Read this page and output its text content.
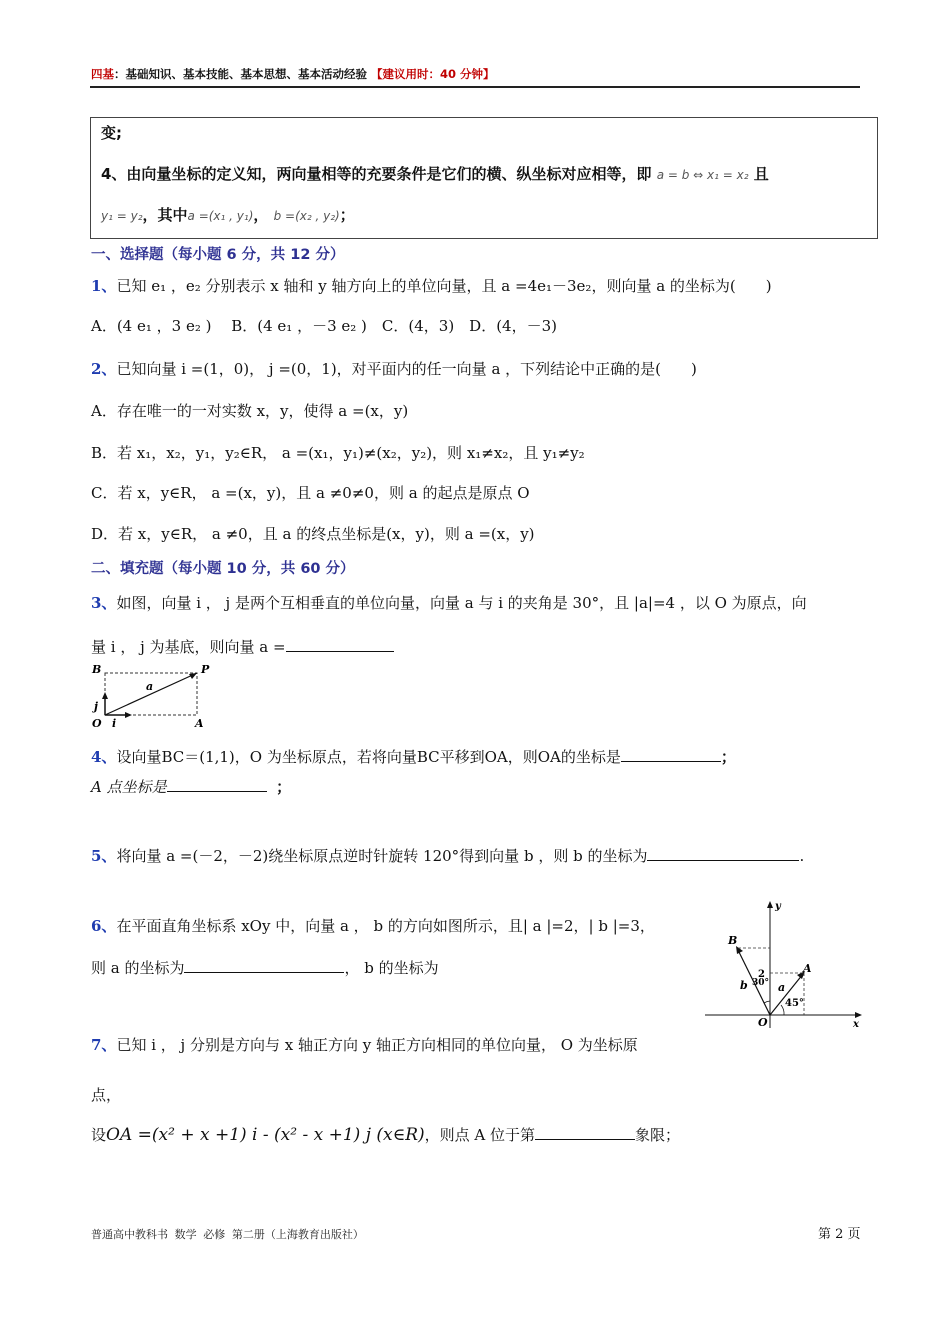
四基：基础知识、基本技能、基本思想、基本活动经验 【建议用时：40 分钟】
变;
4、由向量坐标的定义知，两向量相等的充要条件是它们的横、纵坐标对应相等，即 a = b ⇔ x₁ = x₂ 且
y₁ = y₂，其中a =(x₁ , y₁)， b =(x₂ , y₂)；
一、选择题（每小题 6 分，共 12 分）
1、已知 e₁ ，e₂ 分别表示 x 轴和 y 轴方向上的单位向量，且 a =4e₁－3e₂，则向量 a 的坐标为(　　)
A．(4 e₁ ，3 e₂ )　 B．(4 e₁ ，－3 e₂ )　C．(4，3)　D．(4，－3)
2、已知向量 i =(1，0)， j =(0，1)，对平面内的任一向量 a ，下列结论中正确的是(　　)
A．存在唯一的一对实数 x，y，使得 a =(x，y)
B．若 x₁，x₂，y₁，y₂∈R， a =(x₁，y₁)≠(x₂，y₂)，则 x₁≠x₂，且 y₁≠y₂
C．若 x，y∈R， a =(x，y)，且 a ≠0≠0，则 a 的起点是原点 O
D．若 x，y∈R， a ≠0，且 a 的终点坐标是(x，y)，则 a =(x，y)
二、填充题（每小题 10 分，共 60 分）
3、如图，向量 i ， j 是两个互相垂直的单位向量，向量 a 与 i 的夹角是 30°，且 |a|=4 ，以 O 为原点，向
量 i ， j 为基底，则向量 a =
B	P
a
j
O i	A
4、设向量BC＝(1,1)，O 为坐标原点，若将向量BC平移到OA，则OA的坐标是	；
A 点坐标是	；
5、将向量 a =(－2，－2)绕坐标原点逆时针旋转 120°得到向量 b ，则 b 的坐标为	.
6、在平面直角坐标系 xOy 中，向量 a ， b 的方向如图所示，且| a |=2，| b |=3，
则 a 的坐标为	， b 的坐标为
y
x
B
A
2
a
b 30°
45°
O
7、已知 i ， j 分别是方向与 x 轴正方向 y 轴正方向相同的单位向量， O 为坐标原
点，
设OA =(x² + x +1) i - (x² - x +1) j (x∈R)，则点 A 位于第	象限；
普通高中教科书 数学 必修 第二册（上海教育出版社）	第 2 页
